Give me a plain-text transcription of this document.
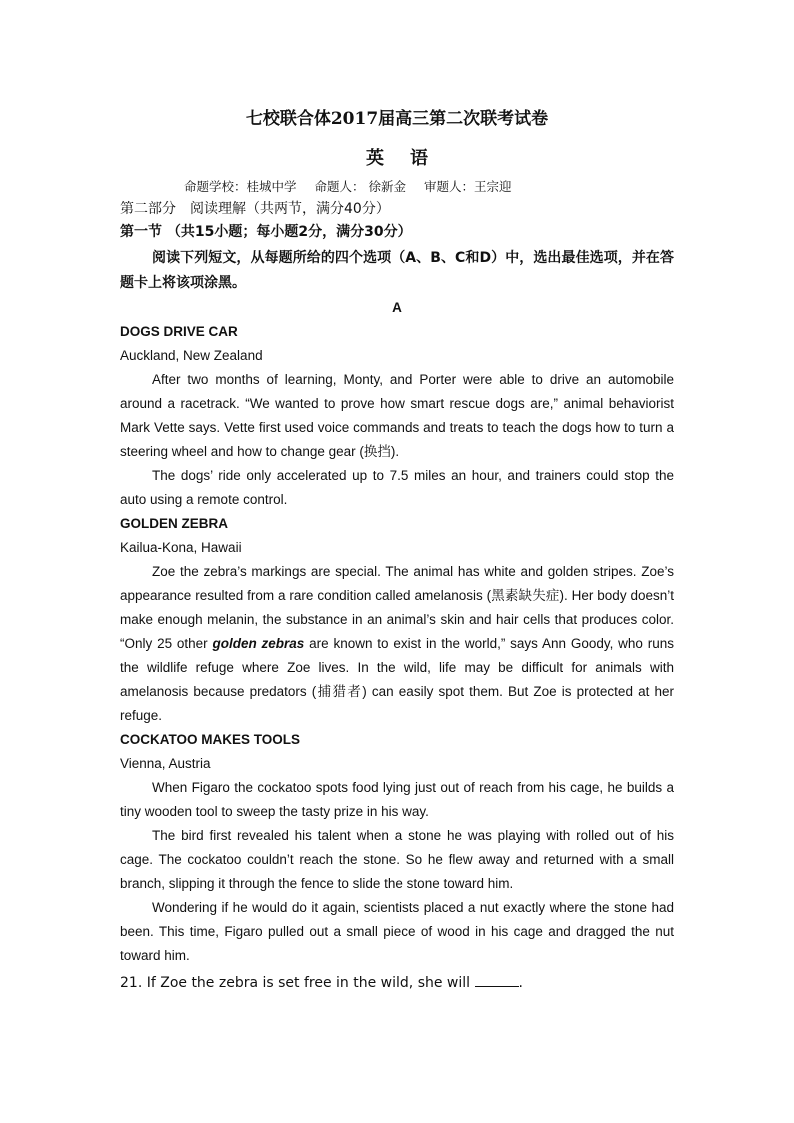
七校联合体2017届高三第二次联考试卷
英语
命题学校：桂城中学 命题人： 徐新金 审题人：王宗迎
第二部分　阅读理解（共两节，满分40分）
第一节 （共15小题；每小题2分，满分30分）

阅读下列短文，从每题所给的四个选项（A、B、C和D）中，选出最佳选项，并在答题卡上将该项涂黑。

A
DOGS DRIVE CAR
Auckland, New Zealand

After two months of learning, Monty, and Porter were able to drive an automobile around a racetrack. “We wanted to prove how smart rescue dogs are,” animal behaviorist Mark Vette says. Vette first used voice commands and treats to teach the dogs how to turn a steering wheel and how to change gear (换挡).

The dogs’ ride only accelerated up to 7.5 miles an hour, and trainers could stop the auto using a remote control.

GOLDEN ZEBRA
Kailua-Kona, Hawaii

Zoe the zebra’s markings are special. The animal has white and golden stripes. Zoe’s appearance resulted from a rare condition called amelanosis (黑素缺失症). Her body doesn’t make enough melanin, the substance in an animal’s skin and hair cells that produces color. “Only 25 other golden zebras are known to exist in the world,” says Ann Goody, who runs the wildlife refuge where Zoe lives. In the wild, life may be difficult for animals with amelanosis because predators (捕猎者) can easily spot them. But Zoe is protected at her refuge.

COCKATOO MAKES TOOLS
Vienna, Austria

When Figaro the cockatoo spots food lying just out of reach from his cage, he builds a tiny wooden tool to sweep the tasty prize in his way.

The bird first revealed his talent when a stone he was playing with rolled out of his cage. The cockatoo couldn’t reach the stone. So he flew away and returned with a small branch, slipping it through the fence to slide the stone toward him.

Wondering if he would do it again, scientists placed a nut exactly where the stone had been. This time, Figaro pulled out a small piece of wood in his cage and dragged the nut toward him.

21. If Zoe the zebra is set free in the wild, she will	.
